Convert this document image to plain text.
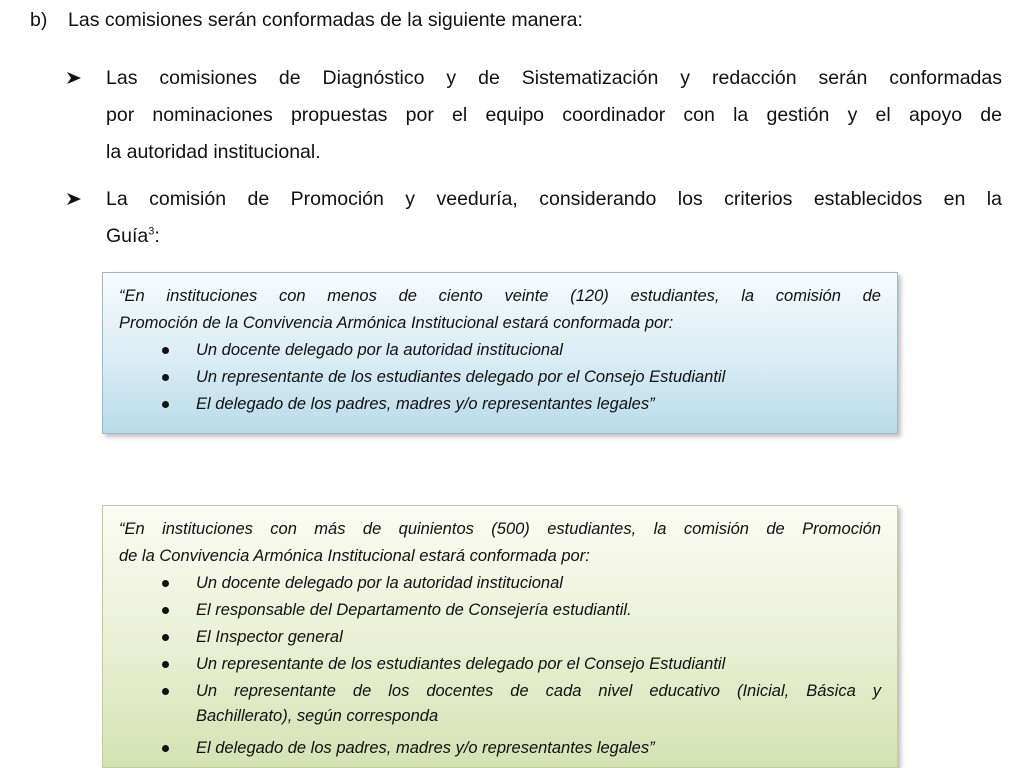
b) Las comisiones serán conformadas de la siguiente manera:
Las comisiones de Diagnóstico y de Sistematización y redacción serán conformadas
por nominaciones propuestas por el equipo coordinador con la gestión y el apoyo de
la autoridad institucional.
La comisión de Promoción y veeduría, considerando los criterios establecidos en la
Guía$^3$:
“En instituciones con menos de ciento veinte (120) estudiantes, la comisión de
Promoción de la Convivencia Armónica Institucional estará conformada por:
Un docente delegado por la autoridad institucional
Un representante de los estudiantes delegado por el Consejo Estudiantil
El delegado de los padres, madres y/o representantes legales”
“En instituciones con más de quinientos (500) estudiantes, la comisión de Promoción
de la Convivencia Armónica Institucional estará conformada por:
Un docente delegado por la autoridad institucional
El responsable del Departamento de Consejería estudiantil.
El Inspector general
Un representante de los estudiantes delegado por el Consejo Estudiantil
Un representante de los docentes de cada nivel educativo (Inicial, Básica y
Bachillerato), según corresponda
El delegado de los padres, madres y/o representantes legales”
